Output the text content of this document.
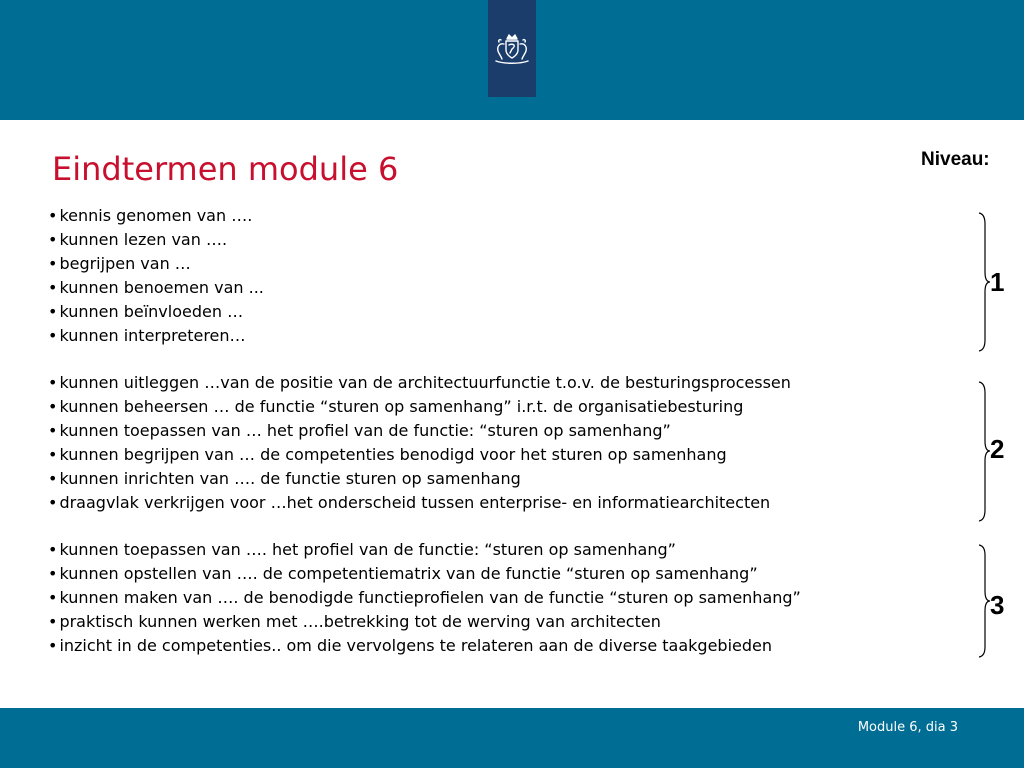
Eindtermen module 6	Niveau:
• kennis genomen van ….
• kunnen lezen van ….
• begrijpen van …
• kunnen benoemen van ...
• kunnen beïnvloeden …
• kunnen interpreteren…
• kunnen uitleggen …van de positie van de architectuurfunctie t.o.v. de besturingsprocessen
• kunnen beheersen … de functie “sturen op samenhang” i.r.t. de organisatiebesturing
• kunnen toepassen van … het profiel van de functie: “sturen op samenhang”
• kunnen begrijpen van … de competenties benodigd voor het sturen op samenhang
• kunnen inrichten van …. de functie sturen op samenhang
• draagvlak verkrijgen voor …het onderscheid tussen enterprise- en informatiearchitecten
• kunnen toepassen van …. het profiel van de functie: “sturen op samenhang”
• kunnen opstellen van …. de competentiematrix van de functie “sturen op samenhang”
• kunnen maken van …. de benodigde functieprofielen van de functie “sturen op samenhang”
• praktisch kunnen werken met ….betrekking tot de werving van architecten
• inzicht in de competenties.. om die vervolgens te relateren aan de diverse taakgebieden
1
2
3
Module 6, dia 3
